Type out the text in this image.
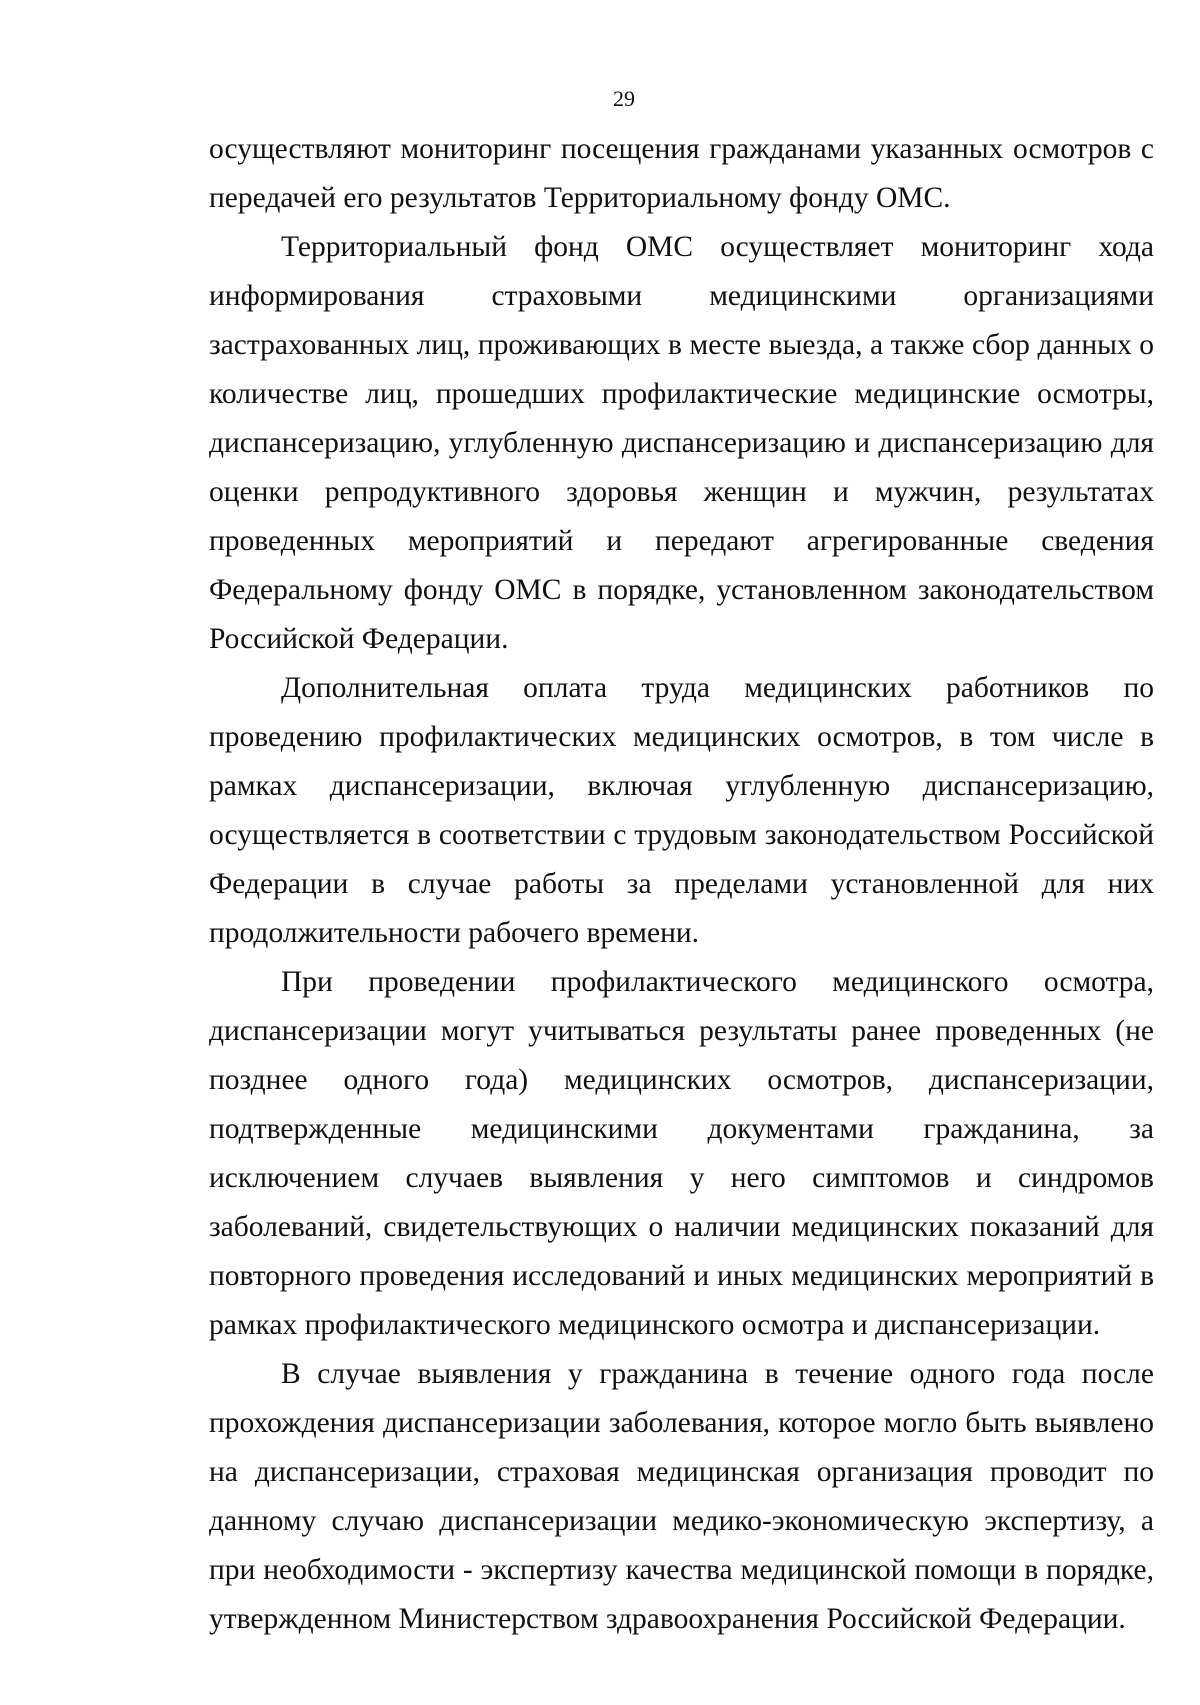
29

осуществляют мониторинг посещения гражданами указанных осмотров с передачей его результатов Территориальному фонду ОМС.

Территориальный фонд ОМС осуществляет мониторинг хода информирования страховыми медицинскими организациями застрахованных лиц, проживающих в месте выезда, а также сбор данных о количестве лиц, прошедших профилактические медицинские осмотры, диспансеризацию, углубленную диспансеризацию и диспансеризацию для оценки репродуктивного здоровья женщин и мужчин, результатах проведенных мероприятий и передают агрегированные сведения Федеральному фонду ОМС в порядке, установленном законодательством Российской Федерации.

Дополнительная оплата труда медицинских работников по проведению профилактических медицинских осмотров, в том числе в рамках диспансеризации, включая углубленную диспансеризацию, осуществляется в соответствии с трудовым законодательством Российской Федерации в случае работы за пределами установленной для них продолжительности рабочего времени.

При проведении профилактического медицинского осмотра, диспансеризации могут учитываться результаты ранее проведенных (не позднее одного года) медицинских осмотров, диспансеризации, подтвержденные медицинскими документами гражданина, за исключением случаев выявления у него симптомов и синдромов заболеваний, свидетельствующих о наличии медицинских показаний для повторного проведения исследований и иных медицинских мероприятий в рамках профилактического медицинского осмотра и диспансеризации.

В случае выявления у гражданина в течение одного года после прохождения диспансеризации заболевания, которое могло быть выявлено на диспансеризации, страховая медицинская организация проводит по данному случаю диспансеризации медико-экономическую экспертизу, а при необходимости - экспертизу качества медицинской помощи в порядке, утвержденном Министерством здравоохранения Российской Федерации.
